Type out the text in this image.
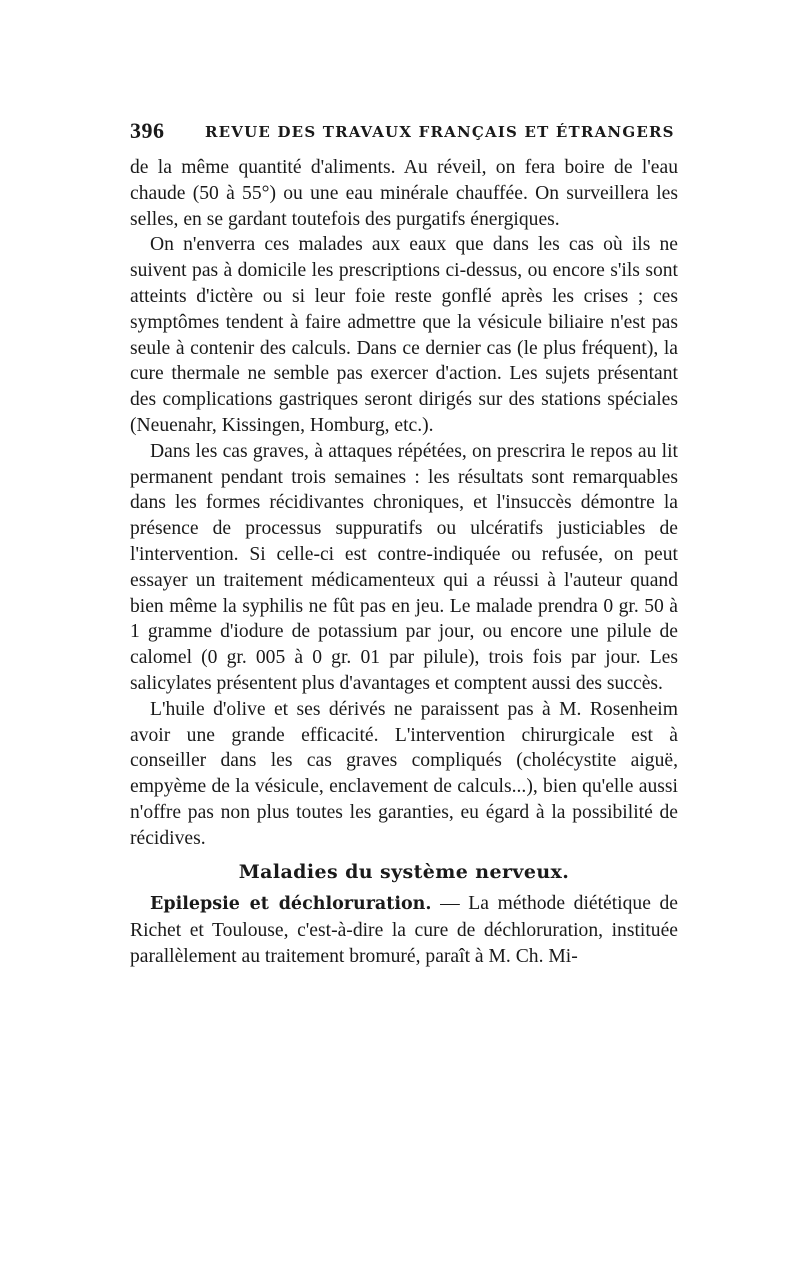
396	REVUE DES TRAVAUX FRANÇAIS ET ÉTRANGERS

de la même quantité d'aliments. Au réveil, on fera boire de l'eau chaude (50 à 55°) ou une eau minérale chauffée. On surveillera les selles, en se gardant toutefois des purgatifs énergiques.

On n'enverra ces malades aux eaux que dans les cas où ils ne suivent pas à domicile les prescriptions ci-dessus, ou encore s'ils sont atteints d'ictère ou si leur foie reste gonflé après les crises ; ces symptômes tendent à faire admettre que la vésicule biliaire n'est pas seule à contenir des calculs. Dans ce dernier cas (le plus fréquent), la cure thermale ne semble pas exercer d'action. Les sujets présentant des complications gastriques seront dirigés sur des stations spéciales (Neuenahr, Kissingen, Homburg, etc.).

Dans les cas graves, à attaques répétées, on prescrira le repos au lit permanent pendant trois semaines : les résultats sont remarquables dans les formes récidivantes chroniques, et l'insuccès démontre la présence de processus suppuratifs ou ulcératifs justiciables de l'intervention. Si celle-ci est contre-indiquée ou refusée, on peut essayer un traitement médicamenteux qui a réussi à l'auteur quand bien même la syphilis ne fût pas en jeu. Le malade prendra 0 gr. 50 à 1 gramme d'iodure de potassium par jour, ou encore une pilule de calomel (0 gr. 005 à 0 gr. 01 par pilule), trois fois par jour. Les salicylates présentent plus d'avantages et comptent aussi des succès.

L'huile d'olive et ses dérivés ne paraissent pas à M. Rosenheim avoir une grande efficacité. L'intervention chirurgicale est à conseiller dans les cas graves compliqués (cholécystite aiguë, empyème de la vésicule, enclavement de calculs...), bien qu'elle aussi n'offre pas non plus toutes les garanties, eu égard à la possibilité de récidives.

Maladies du système nerveux.

Epilepsie et déchloruration. — La méthode diététique de Richet et Toulouse, c'est-à-dire la cure de déchloruration, instituée parallèlement au traitement bromuré, paraît à M. Ch. Mi-
